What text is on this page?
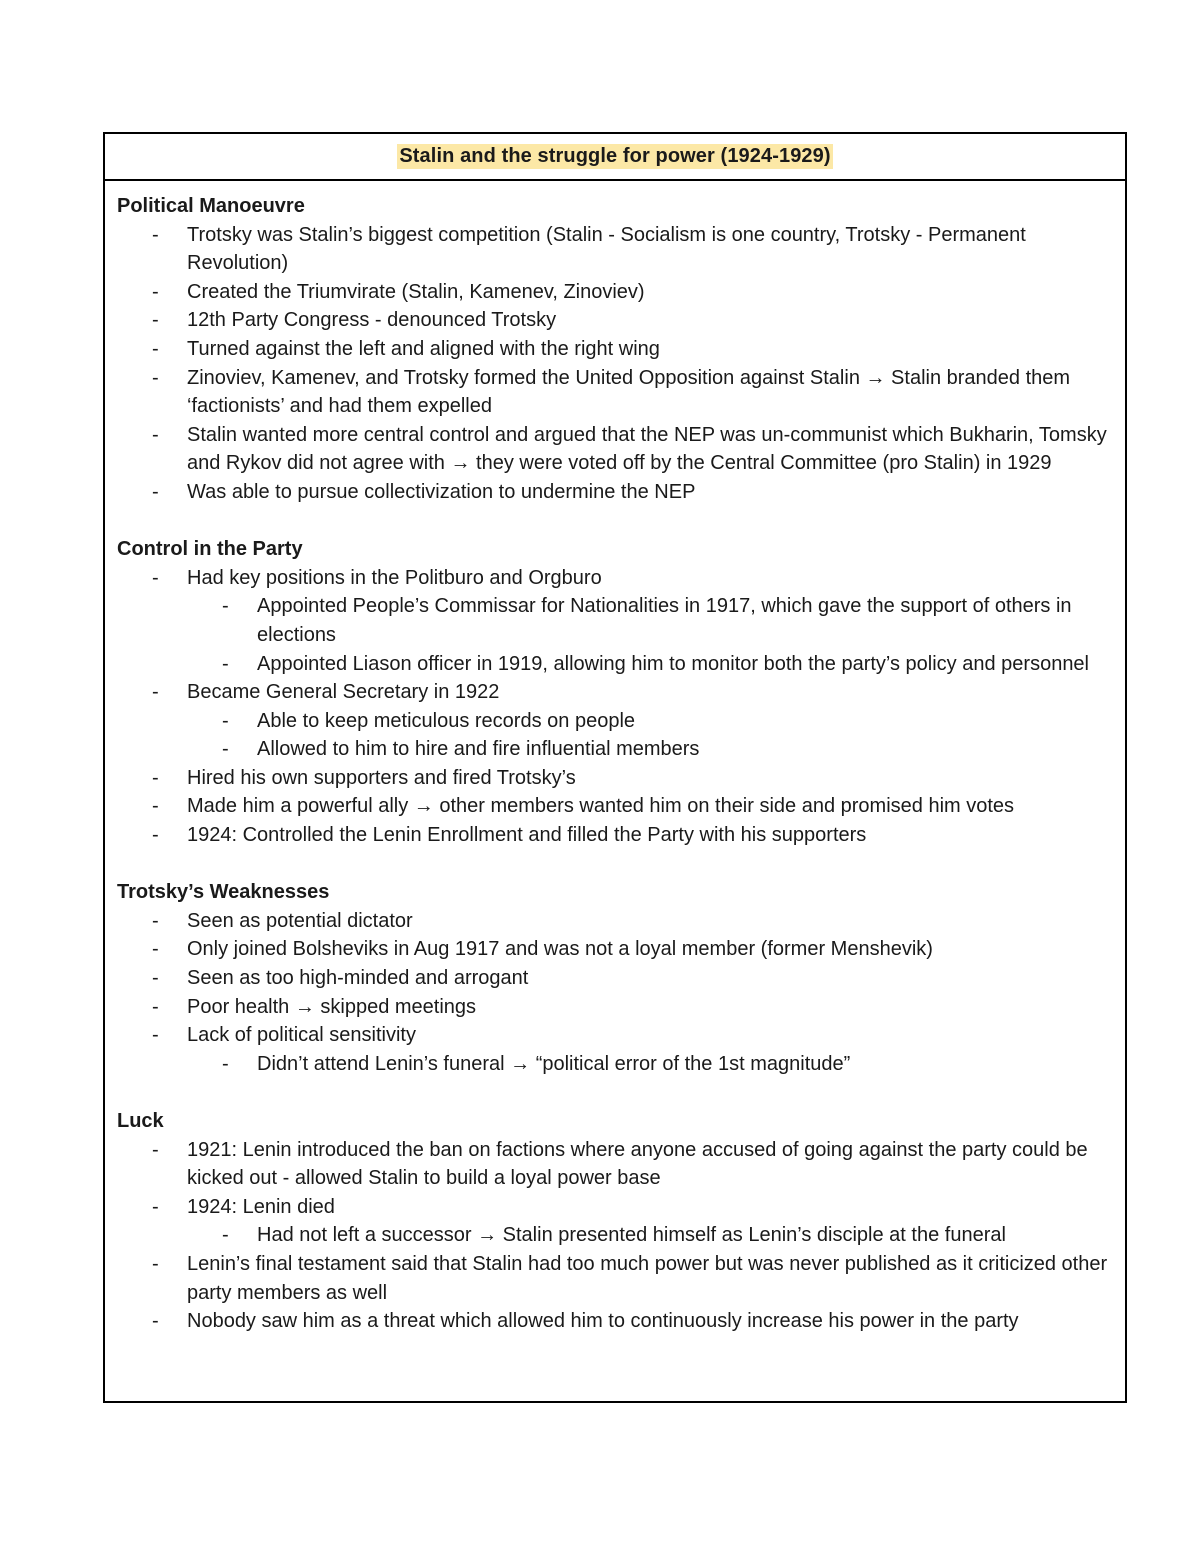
Stalin and the struggle for power (1924-1929)
Political Manoeuvre
- Trotsky was Stalin’s biggest competition (Stalin - Socialism is one country, Trotsky - Permanent Revolution)
- Created the Triumvirate (Stalin, Kamenev, Zinoviev)
- 12th Party Congress - denounced Trotsky
- Turned against the left and aligned with the right wing
- Zinoviev, Kamenev, and Trotsky formed the United Opposition against Stalin → Stalin branded them ‘factionists’ and had them expelled
- Stalin wanted more central control and argued that the NEP was un-communist which Bukharin, Tomsky and Rykov did not agree with → they were voted off by the Central Committee (pro Stalin) in 1929
- Was able to pursue collectivization to undermine the NEP
Control in the Party
- Had key positions in the Politburo and Orgburo
- Appointed People’s Commissar for Nationalities in 1917, which gave the support of others in elections
- Appointed Liason officer in 1919, allowing him to monitor both the party’s policy and personnel
- Became General Secretary in 1922
- Able to keep meticulous records on people
- Allowed to him to hire and fire influential members
- Hired his own supporters and fired Trotsky’s
- Made him a powerful ally → other members wanted him on their side and promised him votes
- 1924: Controlled the Lenin Enrollment and filled the Party with his supporters
Trotsky’s Weaknesses
- Seen as potential dictator
- Only joined Bolsheviks in Aug 1917 and was not a loyal member (former Menshevik)
- Seen as too high-minded and arrogant
- Poor health → skipped meetings
- Lack of political sensitivity
- Didn’t attend Lenin’s funeral → “political error of the 1st magnitude”
Luck
- 1921: Lenin introduced the ban on factions where anyone accused of going against the party could be kicked out - allowed Stalin to build a loyal power base
- 1924: Lenin died
- Had not left a successor → Stalin presented himself as Lenin’s disciple at the funeral
- Lenin’s final testament said that Stalin had too much power but was never published as it criticized other party members as well
- Nobody saw him as a threat which allowed him to continuously increase his power in the party
